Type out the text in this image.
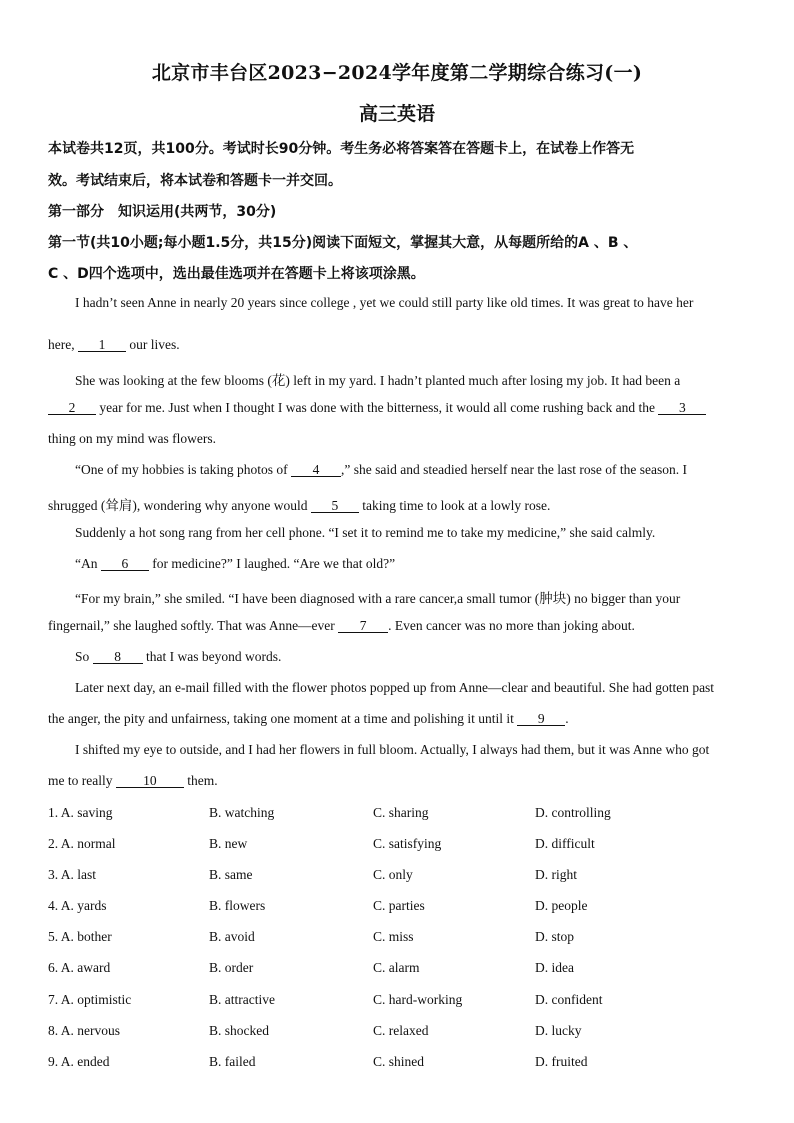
北京市丰台区2023−2024学年度第二学期综合练习(一)
高三英语
本试卷共12页，共100分。考试时长90分钟。考生务必将答案答在答题卡上，在试卷上作答无
效。考试结束后，将本试卷和答题卡一并交回。
第一部分　知识运用(共两节，30分)
第一节(共10小题;每小题1.5分，共15分)阅读下面短文，掌握其大意，从每题所给的A 、B 、
C 、D四个选项中，选出最佳选项并在答题卡上将该项涂黑。
I hadn’t seen Anne in nearly 20 years since college , yet we could still party like old times. It was great to have her
here, 1 our lives.
She was looking at the few blooms (花) left in my yard. I hadn’t planted much after losing my job. It had been a
2 year for me. Just when I thought I was done with the bitterness, it would all come rushing back and the 3
thing on my mind was flowers.
“One of my hobbies is taking photos of 4 ,” she said and steadied herself near the last rose of the season. I
shrugged (耸肩), wondering why anyone would 5 taking time to look at a lowly rose.
Suddenly a hot song rang from her cell phone. “I set it to remind me to take my medicine,” she said calmly.
“An 6 for medicine?” I laughed. “Are we that old?”
“For my brain,” she smiled. “I have been diagnosed with a rare cancer,a small tumor (肿块) no bigger than your
fingernail,” she laughed softly. That was Anne—ever 7 . Even cancer was no more than joking about.
So 8 that I was beyond words.
Later next day, an e-mail filled with the flower photos popped up from Anne—clear and beautiful. She had gotten past
the anger, the pity and unfairness, taking one moment at a time and polishing it until it 9 .
I shifted my eye to outside, and I had her flowers in full bloom. Actually, I always had them, but it was Anne who got
me to really 10 them.
1. A. saving	B. watching	C. sharing	D. controlling
2. A. normal	B. new	C. satisfying	D. difficult
3. A. last	B. same	C. only	D. right
4. A. yards	B. flowers	C. parties	D. people
5. A. bother	B. avoid	C. miss	D. stop
6. A. award	B. order	C. alarm	D. idea
7. A. optimistic	B. attractive	C. hard-working	D. confident
8. A. nervous	B. shocked	C. relaxed	D. lucky
9. A. ended	B. failed	C. shined	D. fruited
